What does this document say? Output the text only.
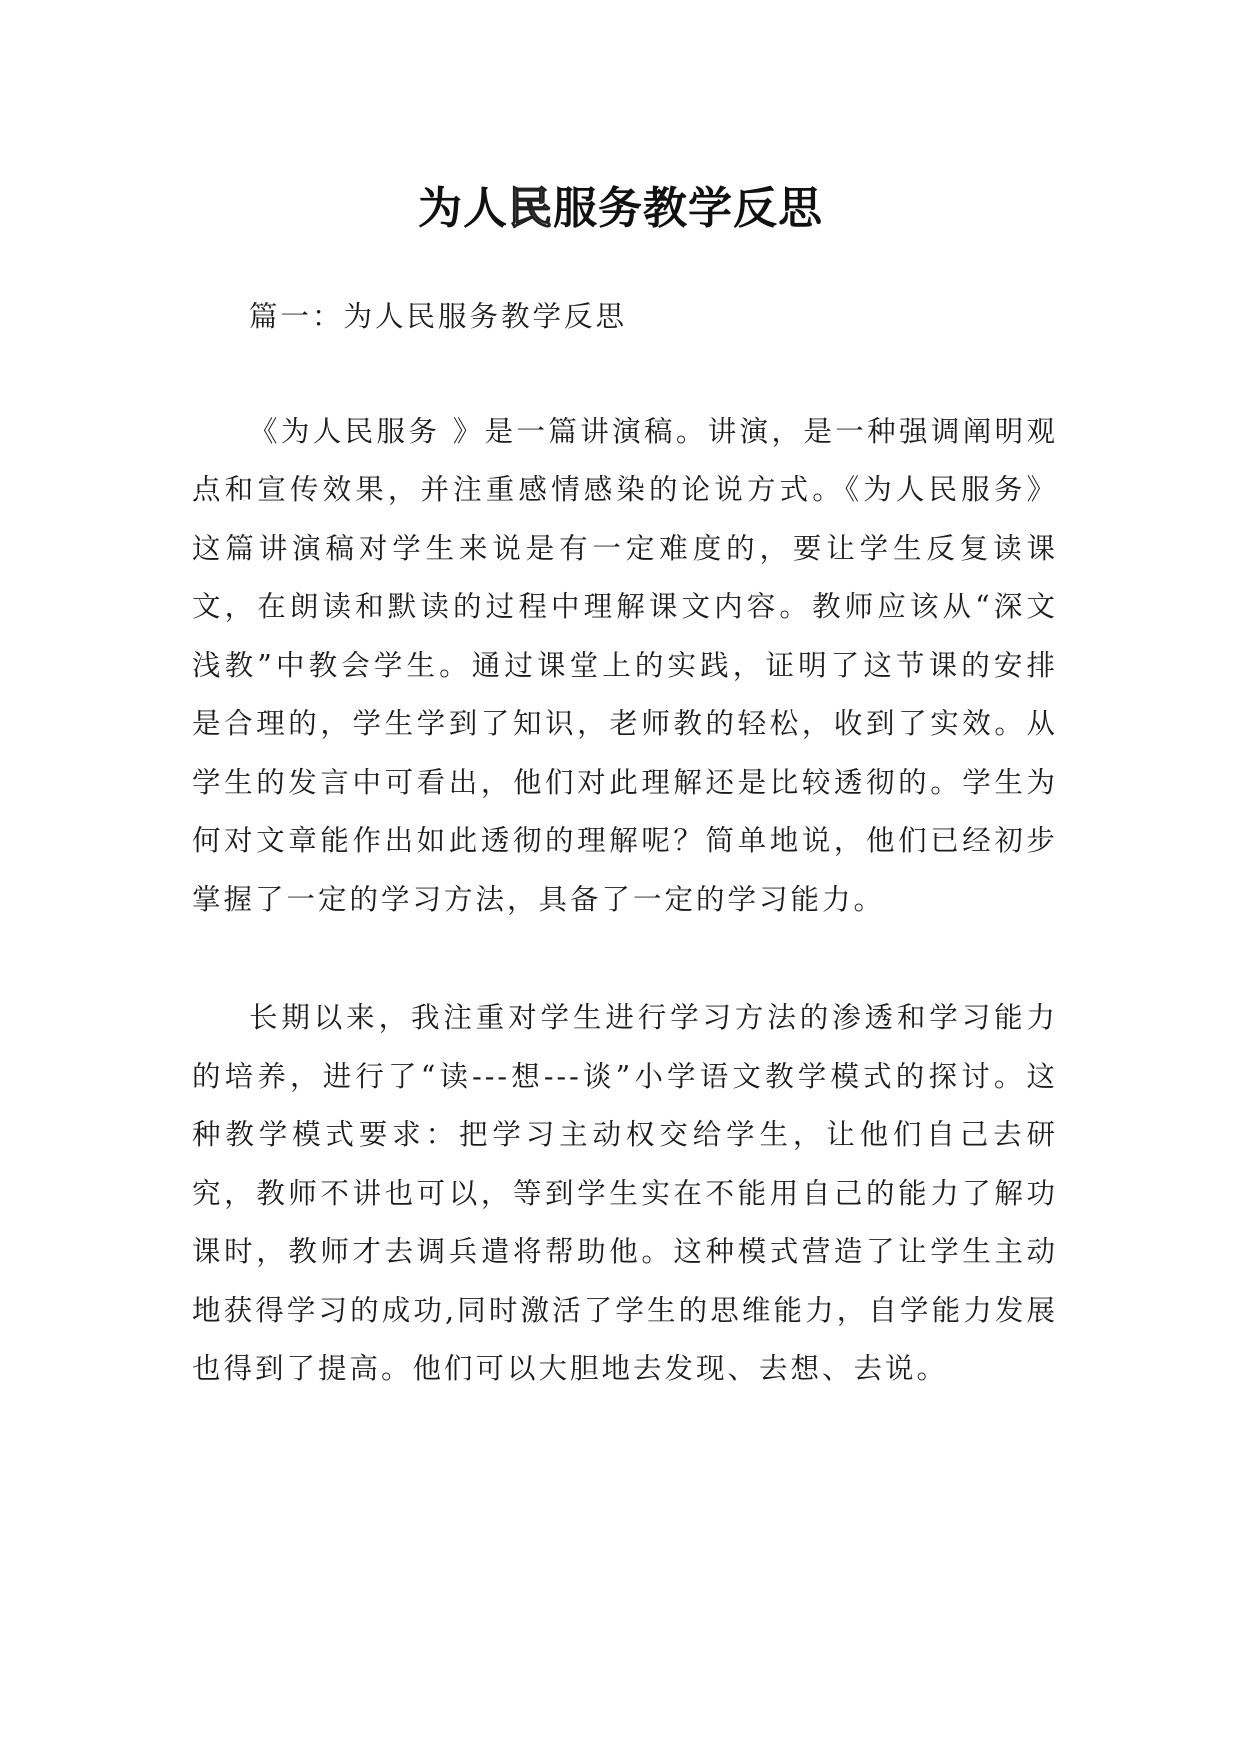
为人民服务教学反思

篇一：为人民服务教学反思

《为人民服务 》是一篇讲演稿。讲演，是一种强调阐明观点和宣传效果，并注重感情感染的论说方式。《为人民服务》这篇讲演稿对学生来说是有一定难度的，要让学生反复读课文，在朗读和默读的过程中理解课文内容。教师应该从“深文浅教”中教会学生。通过课堂上的实践，证明了这节课的安排是合理的，学生学到了知识，老师教的轻松，收到了实效。从学生的发言中可看出，他们对此理解还是比较透彻的。学生为何对文章能作出如此透彻的理解呢？简单地说，他们已经初步掌握了一定的学习方法，具备了一定的学习能力。

长期以来，我注重对学生进行学习方法的渗透和学习能力的培养，进行了“读---想---谈”小学语文教学模式的探讨。这种教学模式要求：把学习主动权交给学生，让他们自己去研究，教师不讲也可以，等到学生实在不能用自己的能力了解功课时，教师才去调兵遣将帮助他。这种模式营造了让学生主动地获得学习的成功,同时激活了学生的思维能力，自学能力发展也得到了提高。他们可以大胆地去发现、去想、去说。
